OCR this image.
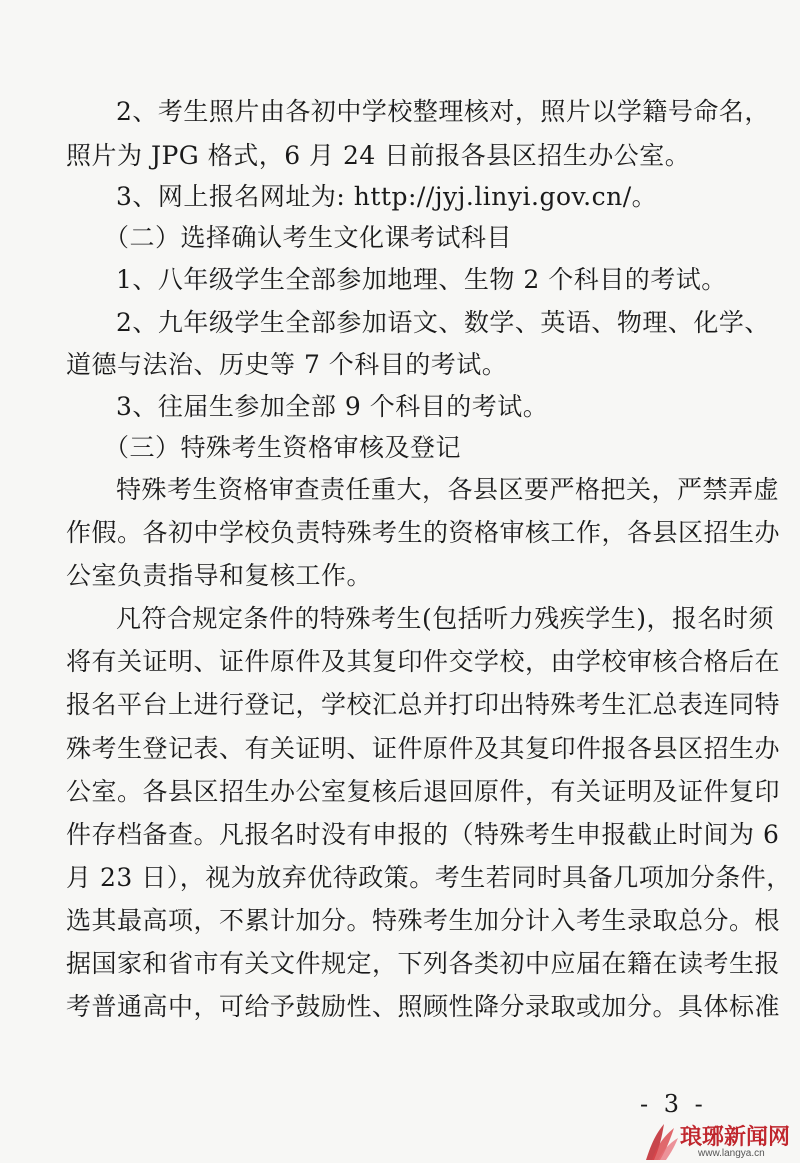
2、考生照片由各初中学校整理核对，照片以学籍号命名，
照片为 JPG 格式，6 月 24 日前报各县区招生办公室。
3、网上报名网址为: http://jyj.linyi.gov.cn/。
（二）选择确认考生文化课考试科目
1、八年级学生全部参加地理、生物 2 个科目的考试。
2、九年级学生全部参加语文、数学、英语、物理、化学、
道德与法治、历史等 7 个科目的考试。
3、往届生参加全部 9 个科目的考试。
（三）特殊考生资格审核及登记
特殊考生资格审查责任重大，各县区要严格把关，严禁弄虚
作假。各初中学校负责特殊考生的资格审核工作，各县区招生办
公室负责指导和复核工作。
凡符合规定条件的特殊考生(包括听力残疾学生)，报名时须
将有关证明、证件原件及其复印件交学校，由学校审核合格后在
报名平台上进行登记，学校汇总并打印出特殊考生汇总表连同特
殊考生登记表、有关证明、证件原件及其复印件报各县区招生办
公室。各县区招生办公室复核后退回原件，有关证明及证件复印
件存档备查。凡报名时没有申报的（特殊考生申报截止时间为 6
月 23 日），视为放弃优待政策。考生若同时具备几项加分条件，
选其最高项，不累计加分。特殊考生加分计入考生录取总分。根
据国家和省市有关文件规定，下列各类初中应届在籍在读考生报
考普通高中，可给予鼓励性、照顾性降分录取或加分。具体标准
- 3 -
琅琊新闻网
www.langya.cn
